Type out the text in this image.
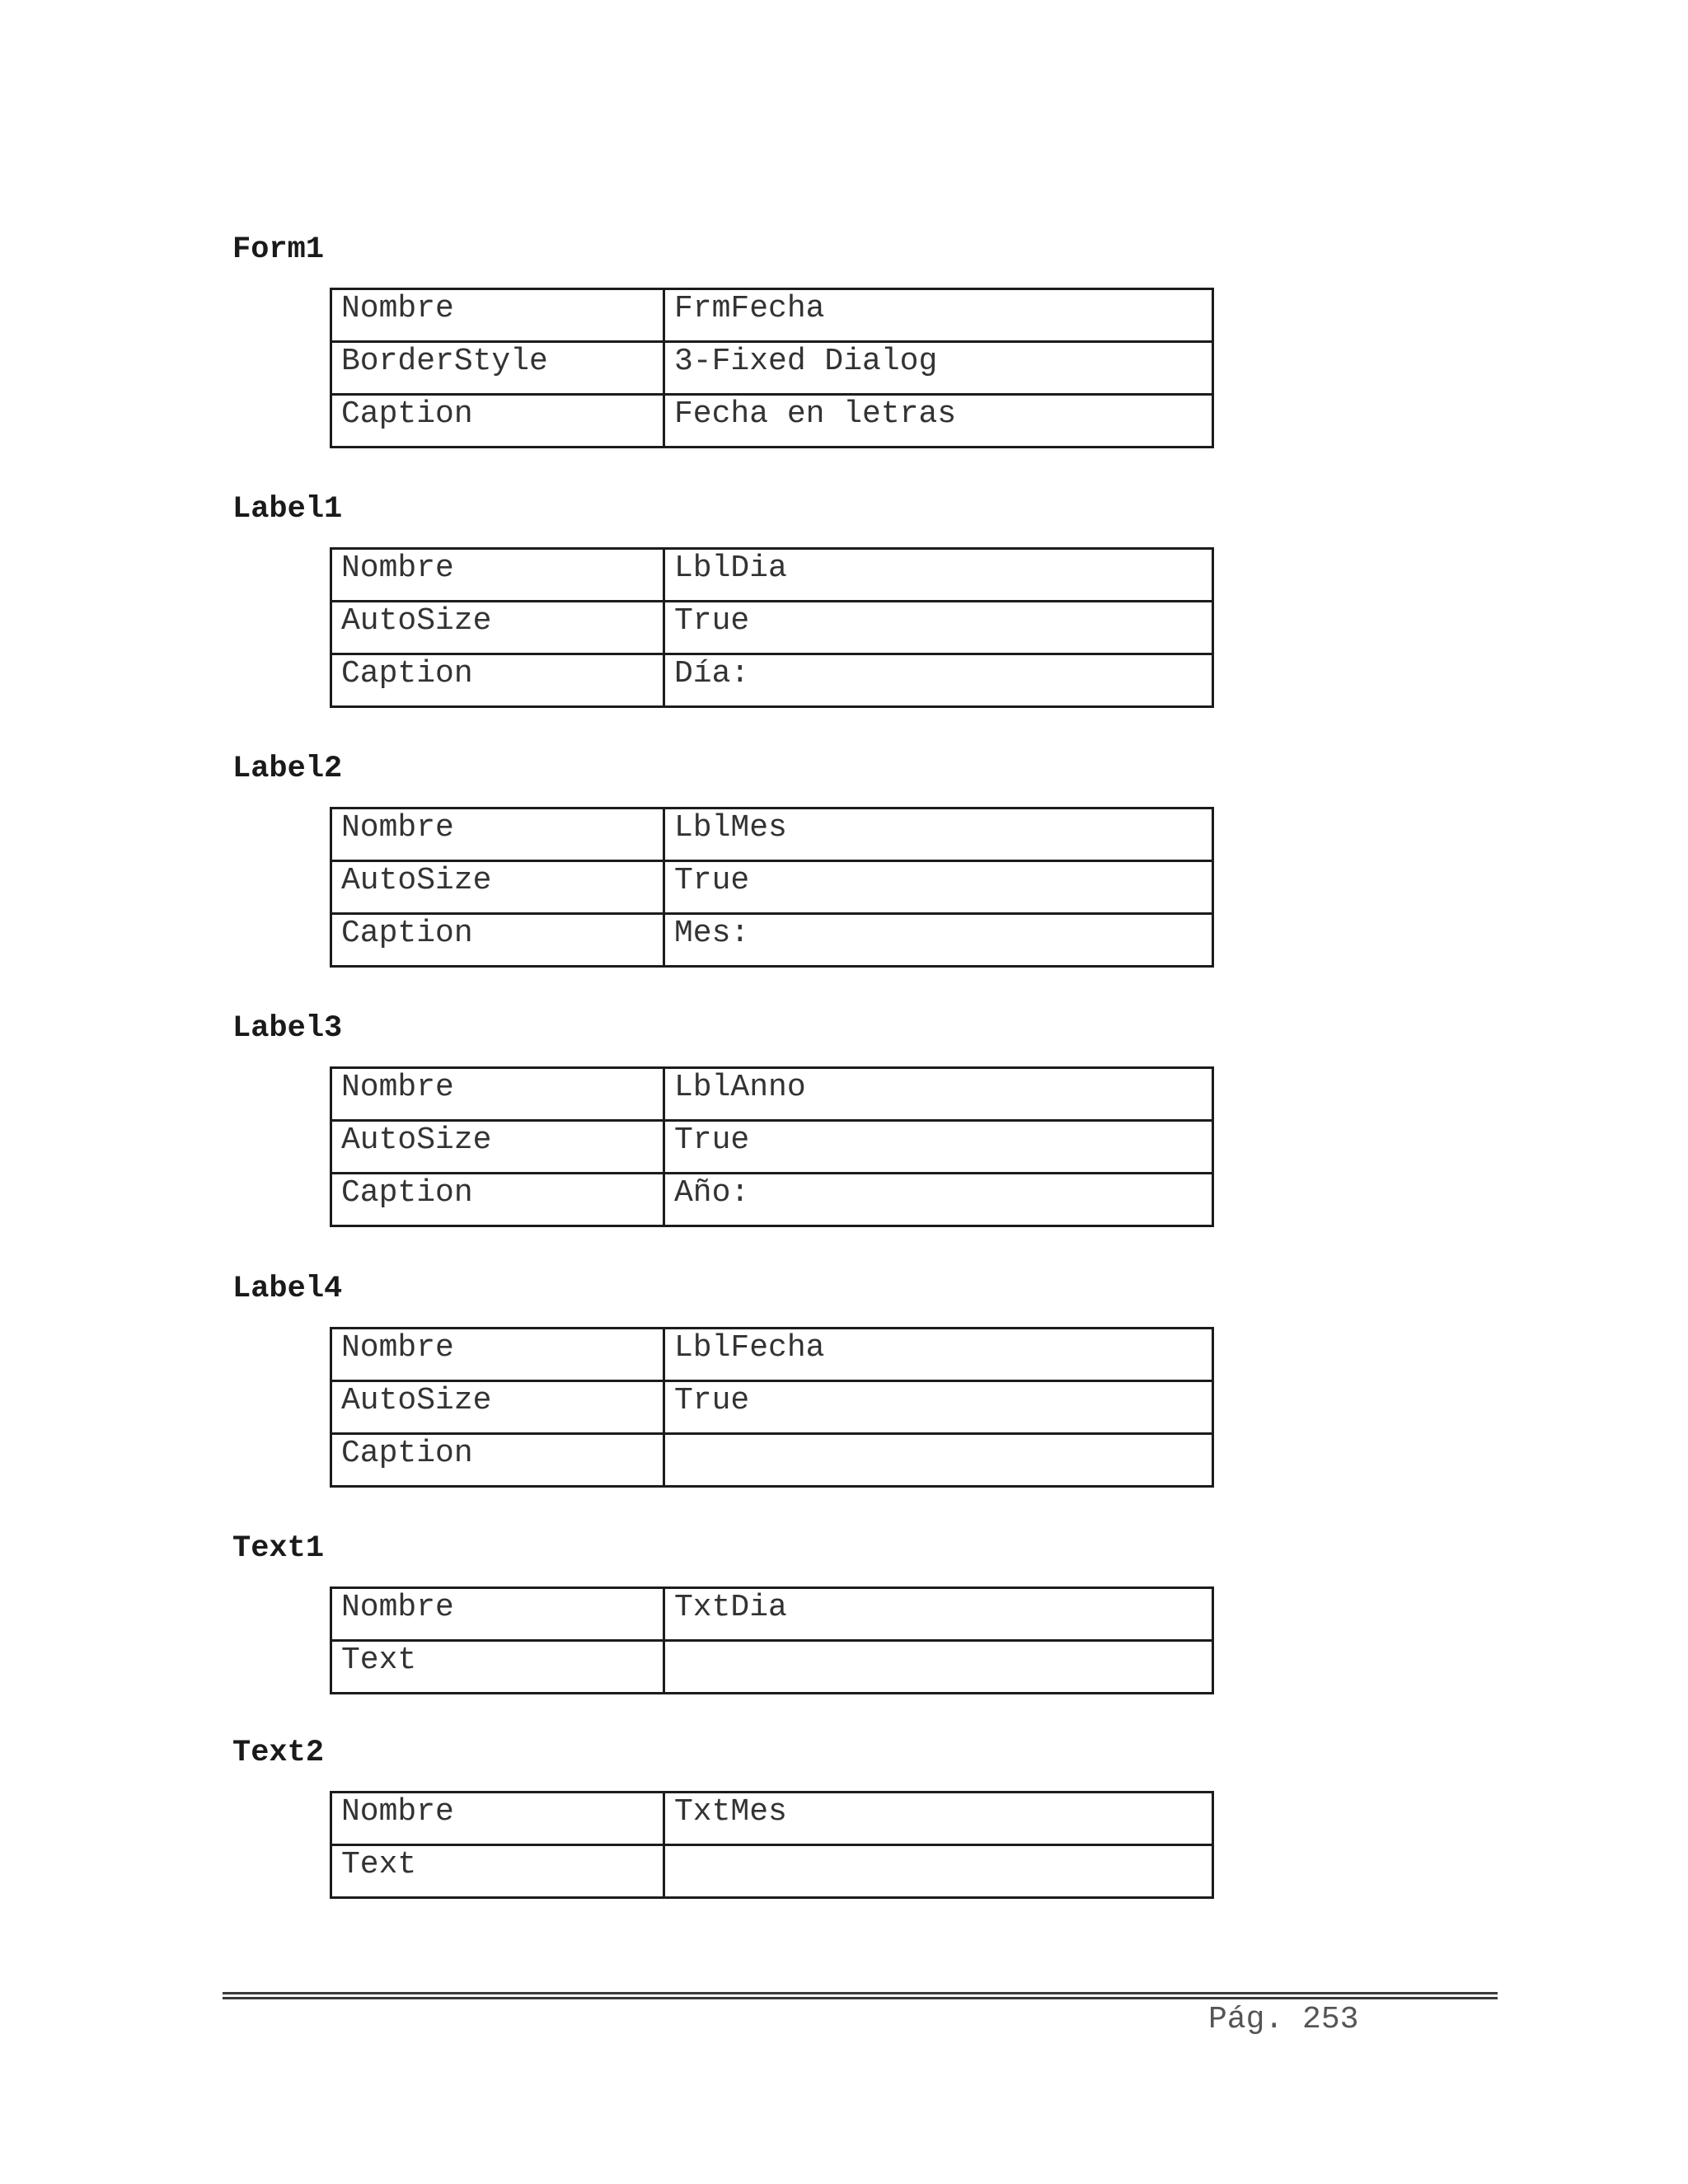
Form1
Nombre	FrmFecha
BorderStyle	3-Fixed Dialog
Caption	Fecha en letras
Label1
Nombre	LblDia
AutoSize	True
Caption	Día:
Label2
Nombre	LblMes
AutoSize	True
Caption	Mes:
Label3
Nombre	LblAnno
AutoSize	True
Caption	Año:
Label4
Nombre	LblFecha
AutoSize	True
Caption	
Text1
Nombre	TxtDia
Text	
Text2
Nombre	TxtMes
Text	
Pág. 253
